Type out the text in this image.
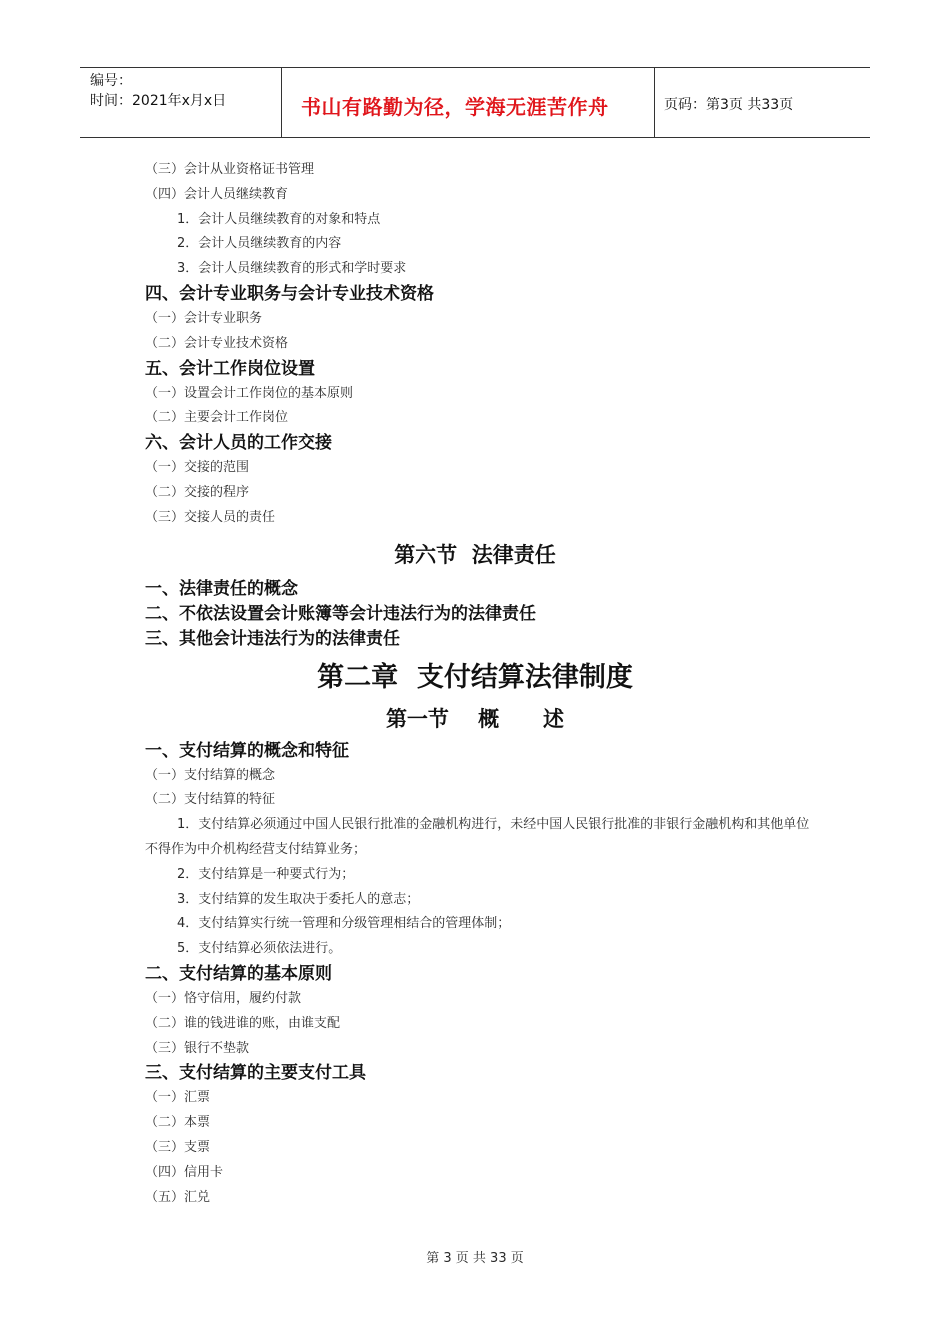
编号：
时间：2021年x月x日	书山有路勤为径，学海无涯苦作舟	页码：第3页 共33页
（三）会计从业资格证书管理
（四）会计人员继续教育
1．会计人员继续教育的对象和特点
2．会计人员继续教育的内容
3．会计人员继续教育的形式和学时要求
四、会计专业职务与会计专业技术资格
（一）会计专业职务
（二）会计专业技术资格
五、会计工作岗位设置
（一）设置会计工作岗位的基本原则
（二）主要会计工作岗位
六、会计人员的工作交接
（一）交接的范围
（二）交接的程序
（三）交接人员的责任
第六节  法律责任
一、法律责任的概念
二、不依法设置会计账簿等会计违法行为的法律责任
三、其他会计违法行为的法律责任
第二章  支付结算法律制度
第一节    概      述
一、支付结算的概念和特征
（一）支付结算的概念
（二）支付结算的特征
1．支付结算必须通过中国人民银行批准的金融机构进行，未经中国人民银行批准的非银行金融机构和其他单位不得作为中介机构经营支付结算业务；
2．支付结算是一种要式行为；
3．支付结算的发生取决于委托人的意志；
4．支付结算实行统一管理和分级管理相结合的管理体制；
5．支付结算必须依法进行。
二、支付结算的基本原则
（一）恪守信用，履约付款
（二）谁的钱进谁的账，由谁支配
（三）银行不垫款
三、支付结算的主要支付工具
（一）汇票
（二）本票
（三）支票
（四）信用卡
（五）汇兑
第 3 页 共 33 页
